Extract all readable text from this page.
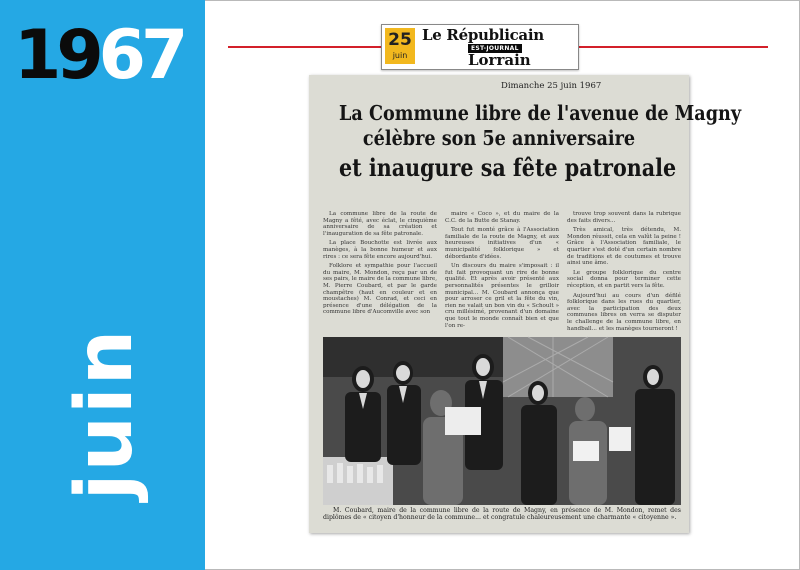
1967
juin
25
juin
Le Républicain
EST-JOURNAL
Lorrain
Dimanche 25 juin 1967
La Commune libre de l'avenue de Magny
célèbre son 5e anniversaire
et inaugure sa fête patronale

La commune libre de la route de Magny a fêté, avec éclat, le cinquième anniversaire de sa création et l'inauguration de sa fête patronale.

La place Bouchotte est livrée aux manèges, à la bonne humeur et aux rires : ce sera fête encore aujourd'hui.

Folklore et sympathie pour l'accueil du maire, M. Mondon, reçu par un de ses pairs, le maire de la commune libre, M. Pierre Coubard, et par le garde champêtre (haut en couleur et en moustaches) M. Conrad, et ceci en présence d'une délégation de la commune libre d'Aucomville avec son

maire « Coco », et du maire de la C.C. de la Butte de Stanay.

Tout fut monté grâce à l'Association familiale de la route de Magny, et aux heureuses initiatives d'un « municipalité folklorique » et débordante d'idées.

Un discours du maire s'imposait : il fut fait provoquant un rire de bonne qualité. Et après avoir présenté aux personnalités présentes le grilloir municipal... M. Coubard annonça que pour arroser ce gril et la fête du vin, rien ne valait un bon vin du « Schoult » cru millésimé, provenant d'un domaine que tout le monde connaît bien et que l'on re-

trouve trop souvent dans la rubrique des faits divers...

Très amical, très détendu, M. Mondon réussit, cela en valût la peine ! Grâce à l'Association familiale, le quartier s'est doté d'un certain nombre de traditions et de coutumes et trouve ainsi une âme.

Le groupe folklorique du centre social donna pour terminer cette réception, et en partit vers la fête.

Aujourd'hui au cours d'un défilé folklorique dans les rues du quartier, avec la participation des deux communes libres on verra se disputer le challenge de la commune libre, en handball... et les manèges tourneront !

M. Coubard, maire de la commune libre de la route de Magny, en présence de M. Mondon, remet des diplômes de « citoyen d'honneur de la commune... et congratule chaleureusement une charmante « citoyenne ».
